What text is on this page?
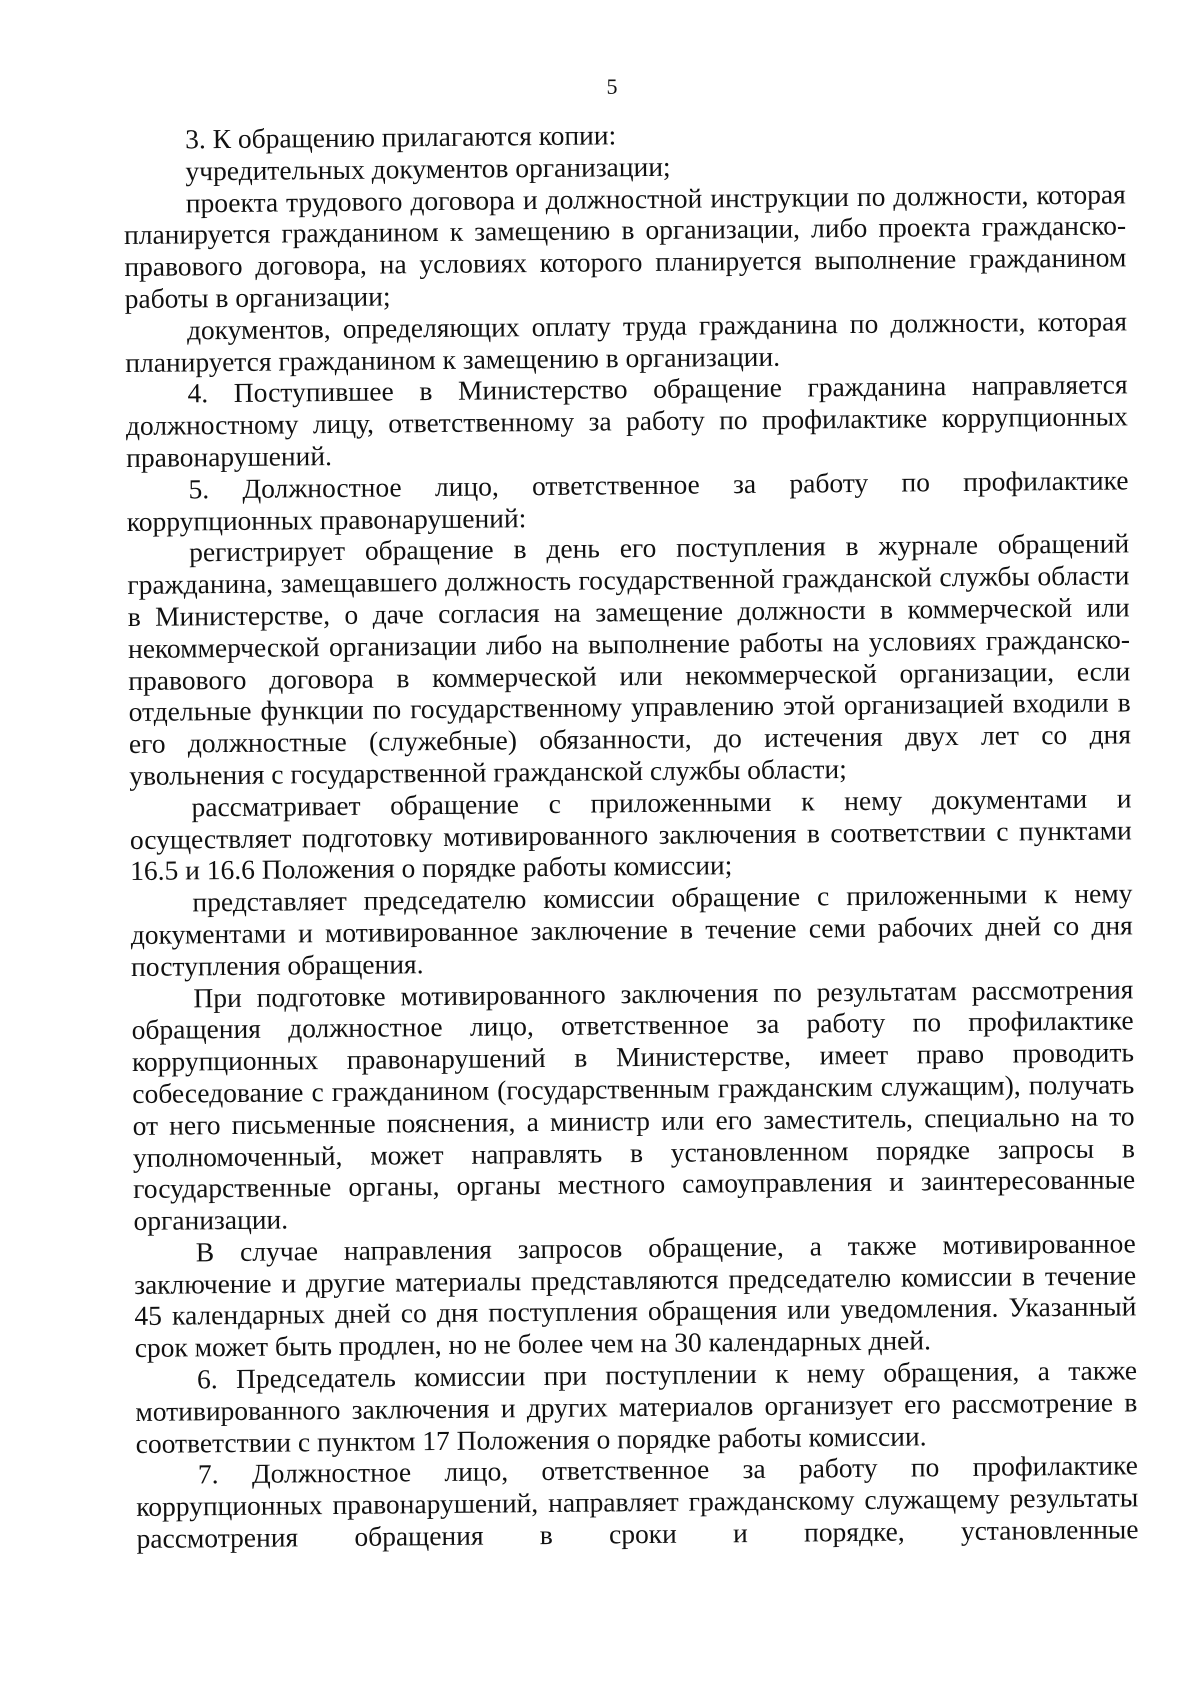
5

3. К обращению прилагаются копии:

учредительных документов организации;

проекта трудового договора и должностной инструкции по должности, которая планируется гражданином к замещению в организации, либо проекта гражданско-правового договора, на условиях которого планируется выполнение гражданином работы в организации;

документов, определяющих оплату труда гражданина по должности, которая планируется гражданином к замещению в организации.

4. Поступившее в Министерство обращение гражданина направляется должностному лицу, ответственному за работу по профилактике коррупционных правонарушений.

5. Должностное лицо, ответственное за работу по профилактике коррупционных правонарушений:

регистрирует обращение в день его поступления в журнале обращений гражданина, замещавшего должность государственной гражданской службы области в Министерстве, о даче согласия на замещение должности в коммерческой или некоммерческой организации либо на выполнение работы на условиях гражданско-правового договора в коммерческой или некоммерческой организации, если отдельные функции по государственному управлению этой организацией входили в его должностные (служебные) обязанности, до истечения двух лет со дня увольнения с государственной гражданской службы области;

рассматривает обращение с приложенными к нему документами и осуществляет подготовку мотивированного заключения в соответствии с пунктами 16.5 и 16.6 Положения о порядке работы комиссии;

представляет председателю комиссии обращение с приложенными к нему документами и мотивированное заключение в течение семи рабочих дней со дня поступления обращения.

При подготовке мотивированного заключения по результатам рассмотрения обращения должностное лицо, ответственное за работу по профилактике коррупционных правонарушений в Министерстве, имеет право проводить собеседование с гражданином (государственным гражданским служащим), получать от него письменные пояснения, а министр или его заместитель, специально на то уполномоченный, может направлять в установленном порядке запросы в государственные органы, органы местного самоуправления и заинтересованные организации.

В случае направления запросов обращение, а также мотивированное заключение и другие материалы представляются председателю комиссии в течение 45 календарных дней со дня поступления обращения или уведомления. Указанный срок может быть продлен, но не более чем на 30 календарных дней.

6. Председатель комиссии при поступлении к нему обращения, а также мотивированного заключения и других материалов организует его рассмотрение в соответствии с пунктом 17 Положения о порядке работы комиссии.

7. Должностное лицо, ответственное за работу по профилактике коррупционных правонарушений, направляет гражданскому служащему результаты рассмотрения обращения в сроки и порядке, установленные
